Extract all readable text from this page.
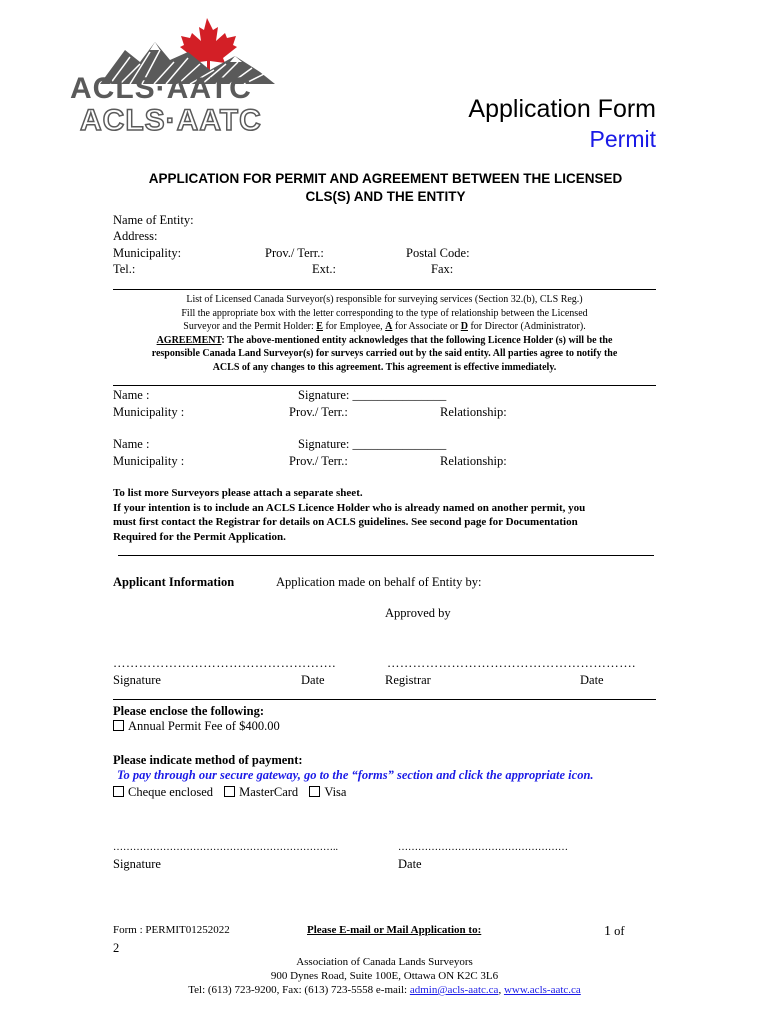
ACLS·AATC
ACLS·AATC	Application Form
Permit
APPLICATION FOR PERMIT AND AGREEMENT BETWEEN THE LICENSED
CLS(S) AND THE ENTITY
Name of Entity:
Address:
Municipality:	Prov./ Terr.:	Postal Code:
Tel.:	Ext.:	Fax:
List of Licensed Canada Surveyor(s) responsible for surveying services (Section 32.(b), CLS Reg.)
Fill the appropriate box with the letter corresponding to the type of relationship between the Licensed
Surveyor and the Permit Holder: E for Employee, A for Associate or D for Director (Administrator).
AGREEMENT: The above-mentioned entity acknowledges that the following Licence Holder (s) will be the
responsible Canada Land Surveyor(s) for surveys carried out by the said entity. All parties agree to notify the
ACLS of any changes to this agreement. This agreement is effective immediately.
Name :	Signature: _______________
Municipality :	Prov./ Terr.:	Relationship:
Name :	Signature: _______________
Municipality :	Prov./ Terr.:	Relationship:
To list more Surveyors please attach a separate sheet.
If your intention is to include an ACLS Licence Holder who is already named on another permit, you
must first contact the Registrar for details on ACLS guidelines. See second page for Documentation
Required for the Permit Application.
Applicant Information	Application made on behalf of Entity by:
Approved by
…………………………………………….	………………………………………………….
Signature	Date	Registrar	Date
Please enclose the following:
Annual Permit Fee of $400.00
Please indicate method of payment:
To pay through our secure gateway, go to the “forms” section and click the appropriate icon.
Cheque enclosed MasterCard Visa
…………………………………………………………..	……………………………………………
Signature	Date
Form : PERMIT01252022	Please E-mail or Mail Application to:	1 of
2
Association of Canada Lands Surveyors
900 Dynes Road, Suite 100E, Ottawa ON K2C 3L6
Tel: (613) 723-9200, Fax: (613) 723-5558 e-mail: admin@acls-aatc.ca, www.acls-aatc.ca
